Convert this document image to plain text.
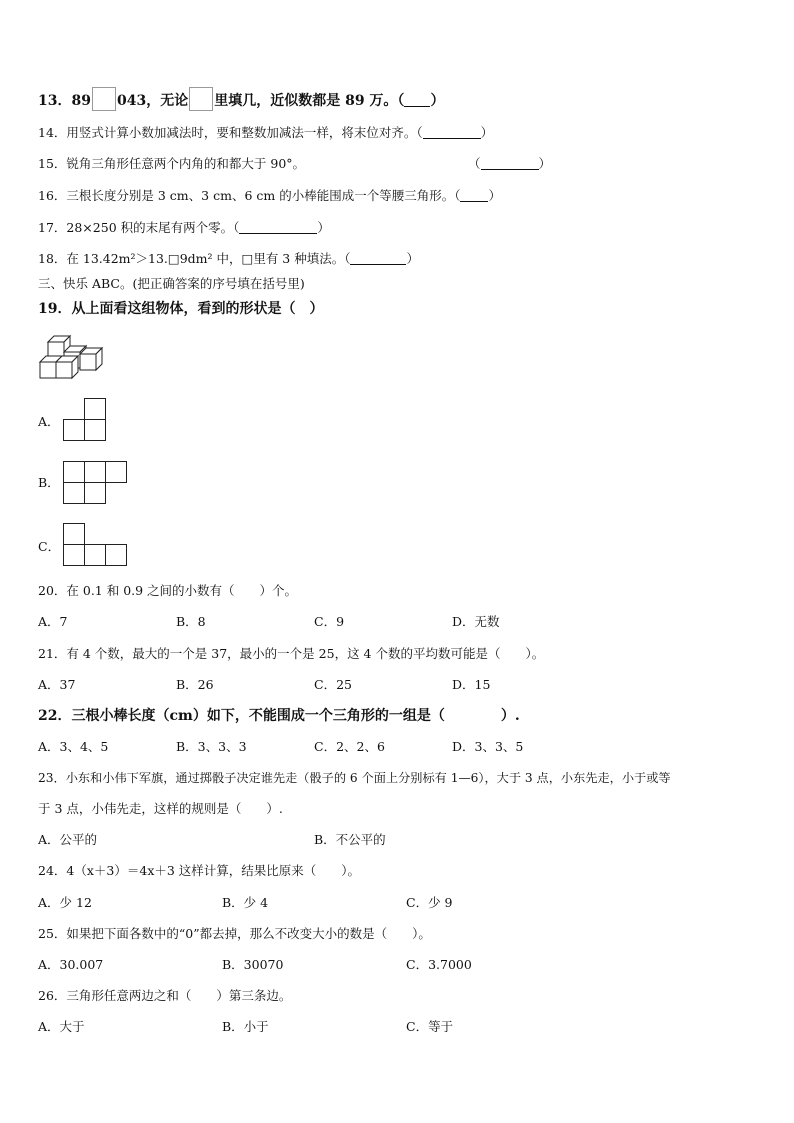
13．89 043，无论 里填几，近似数都是 89 万。（ ）
14．用竖式计算小数加减法时，要和整数加减法一样，将末位对齐。（	）
15．锐角三角形任意两个内角的和都大于 90°。	（	）
16．三根长度分别是 3 cm、3 cm、6 cm 的小棒能围成一个等腰三角形。（ ）
17．28×250 积的末尾有两个零。（	）
18．在 13.42m²＞13.□9dm² 中，□里有 3 种填法。（	）
三、快乐 ABC。(把正确答案的序号填在括号里)
19．从上面看这组物体，看到的形状是（　）
A．
B．
C．
20．在 0.1 和 0.9 之间的小数有（　　）个。
A．7	B．8	C．9	D．无数
21．有 4 个数，最大的一个是 37，最小的一个是 25，这 4 个数的平均数可能是（　　）。
A．37	B．26	C．25	D．15
22．三根小棒长度（cm）如下，不能围成一个三角形的一组是（　　　　）.
A．3、4、5	B．3、3、3	C．2、2、6	D．3、3、5
23．小东和小伟下军旗，通过掷骰子决定谁先走（骰子的 6 个面上分别标有 1—6），大于 3 点，小东先走，小于或等
于 3 点，小伟先走，这样的规则是（　　）.
A．公平的	B．不公平的
24．4（x＋3）＝4x＋3 这样计算，结果比原来（　　）。
A．少 12	B．少 4	C．少 9
25．如果把下面各数中的“0”都去掉，那么不改变大小的数是（　　）。
A．30.007	B．30070	C．3.7000
26．三角形任意两边之和（　　）第三条边。
A．大于	B．小于	C．等于
